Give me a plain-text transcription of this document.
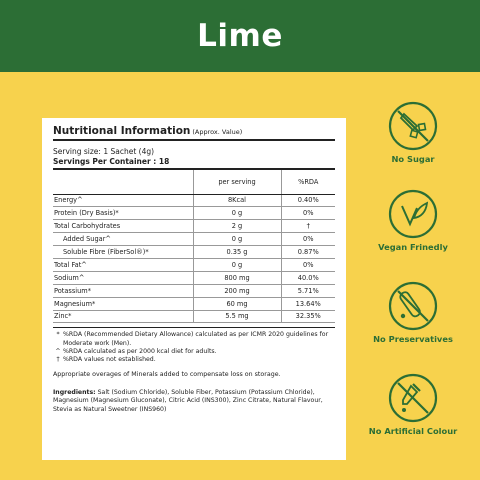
Lime
Nutritional Information (Approx. Value)
Serving size: 1 Sachet (4g)
Servings Per Container : 18
	per serving	%RDA
Energy^	8Kcal	0.40%
Protein (Dry Basis)*	0 g	0%
Total Carbohydrates	2 g	†
Added Sugar^	0 g	0%
Soluble Fibre (FiberSol®)*	0.35 g	0.87%
Total Fat^	0 g	0%
Sodium^	800 mg	40.0%
Potassium*	200 mg	5.71%
Magnesium*	60 mg	13.64%
Zinc*	5.5 mg	32.35%
* %RDA (Recommended Dietary Allowance) calculated as per ICMR 2020 guidelines for Moderate work (Men).
^ %RDA calculated as per 2000 kcal diet for adults.
† %RDA values not established.
Appropriate overages of Minerals added to compensate loss on storage.
Ingredients: Salt (Sodium Chloride), Soluble Fiber, Potassium (Potassium Chloride), Magnesium (Magnesium Gluconate), Citric Acid (INS300), Zinc Citrate, Natural Flavour, Stevia as Natural Sweetner (INS960)
No Sugar
Vegan Frinedly
No Preservatives
No Artificial Colour
